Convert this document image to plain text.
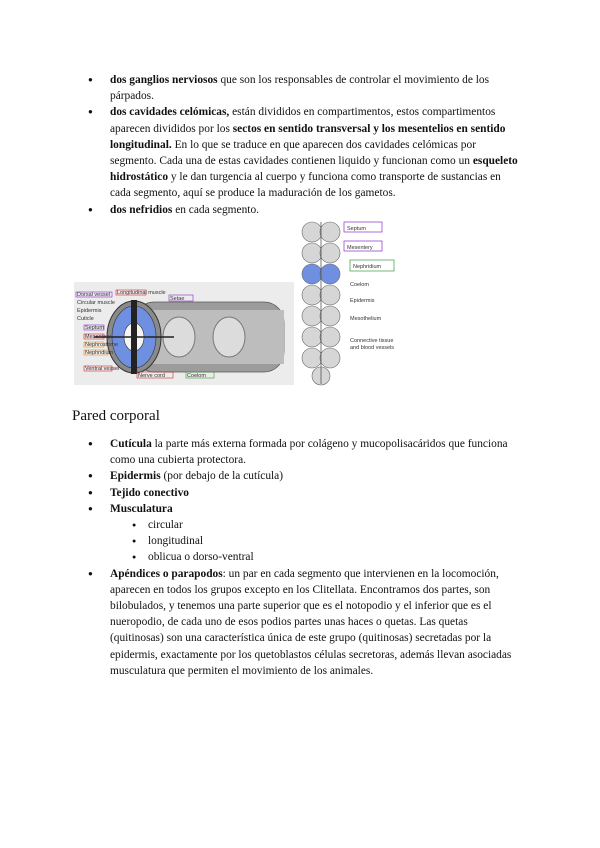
● dos ganglios nerviosos que son los responsables de controlar el movimiento de los párpados.
● dos cavidades celómicas, están divididos en compartimentos, estos compartimentos aparecen divididos por los sectos en sentido transversal y los mesentelios en sentido longitudinal. En lo que se traduce en que aparecen dos cavidades celómicas por segmento. Cada una de estas cavidades contienen liquido y funcionan como un esqueleto hidrostático y le dan turgencia al cuerpo y funciona como transporte de sustancias en cada segmento, aquí se produce la maduración de los gametos.
● dos nefridios en cada segmento.
Dorsal vessel Longitudinal muscle
Circular muscle
Epidermis
Cuticle
Septum
Mesentery
Nephrostome
Nephridium
Ventral vessel
Nerve cord	Coelom
Setae
Septum
Mesentery
Nephridium
Coelom
Epidermis
Mesothelium
Connective tissue and blood vessels
Pared corporal
● Cutícula la parte más externa formada por colágeno y mucopolisacáridos que funciona como una cubierta protectora.
● Epidermis (por debajo de la cutícula)
● Tejido conectivo
● Musculatura
● circular
● longitudinal
● oblicua o dorso-ventral
● Apéndices o parapodos: un par en cada segmento que intervienen en la locomoción, aparecen en todos los grupos excepto en los Clitellata. Encontramos dos partes, son bilobulados, y tenemos una parte superior que es el notopodio y el inferior que es el nueropodio, de cada uno de esos podios partes unas haces o quetas. Las quetas (quitinosas) son una característica única de este grupo (quitinosas) secretadas por la epidermis, exactamente por los quetoblastos células secretoras, además llevan asociadas musculatura que permiten el movimiento de los animales.
